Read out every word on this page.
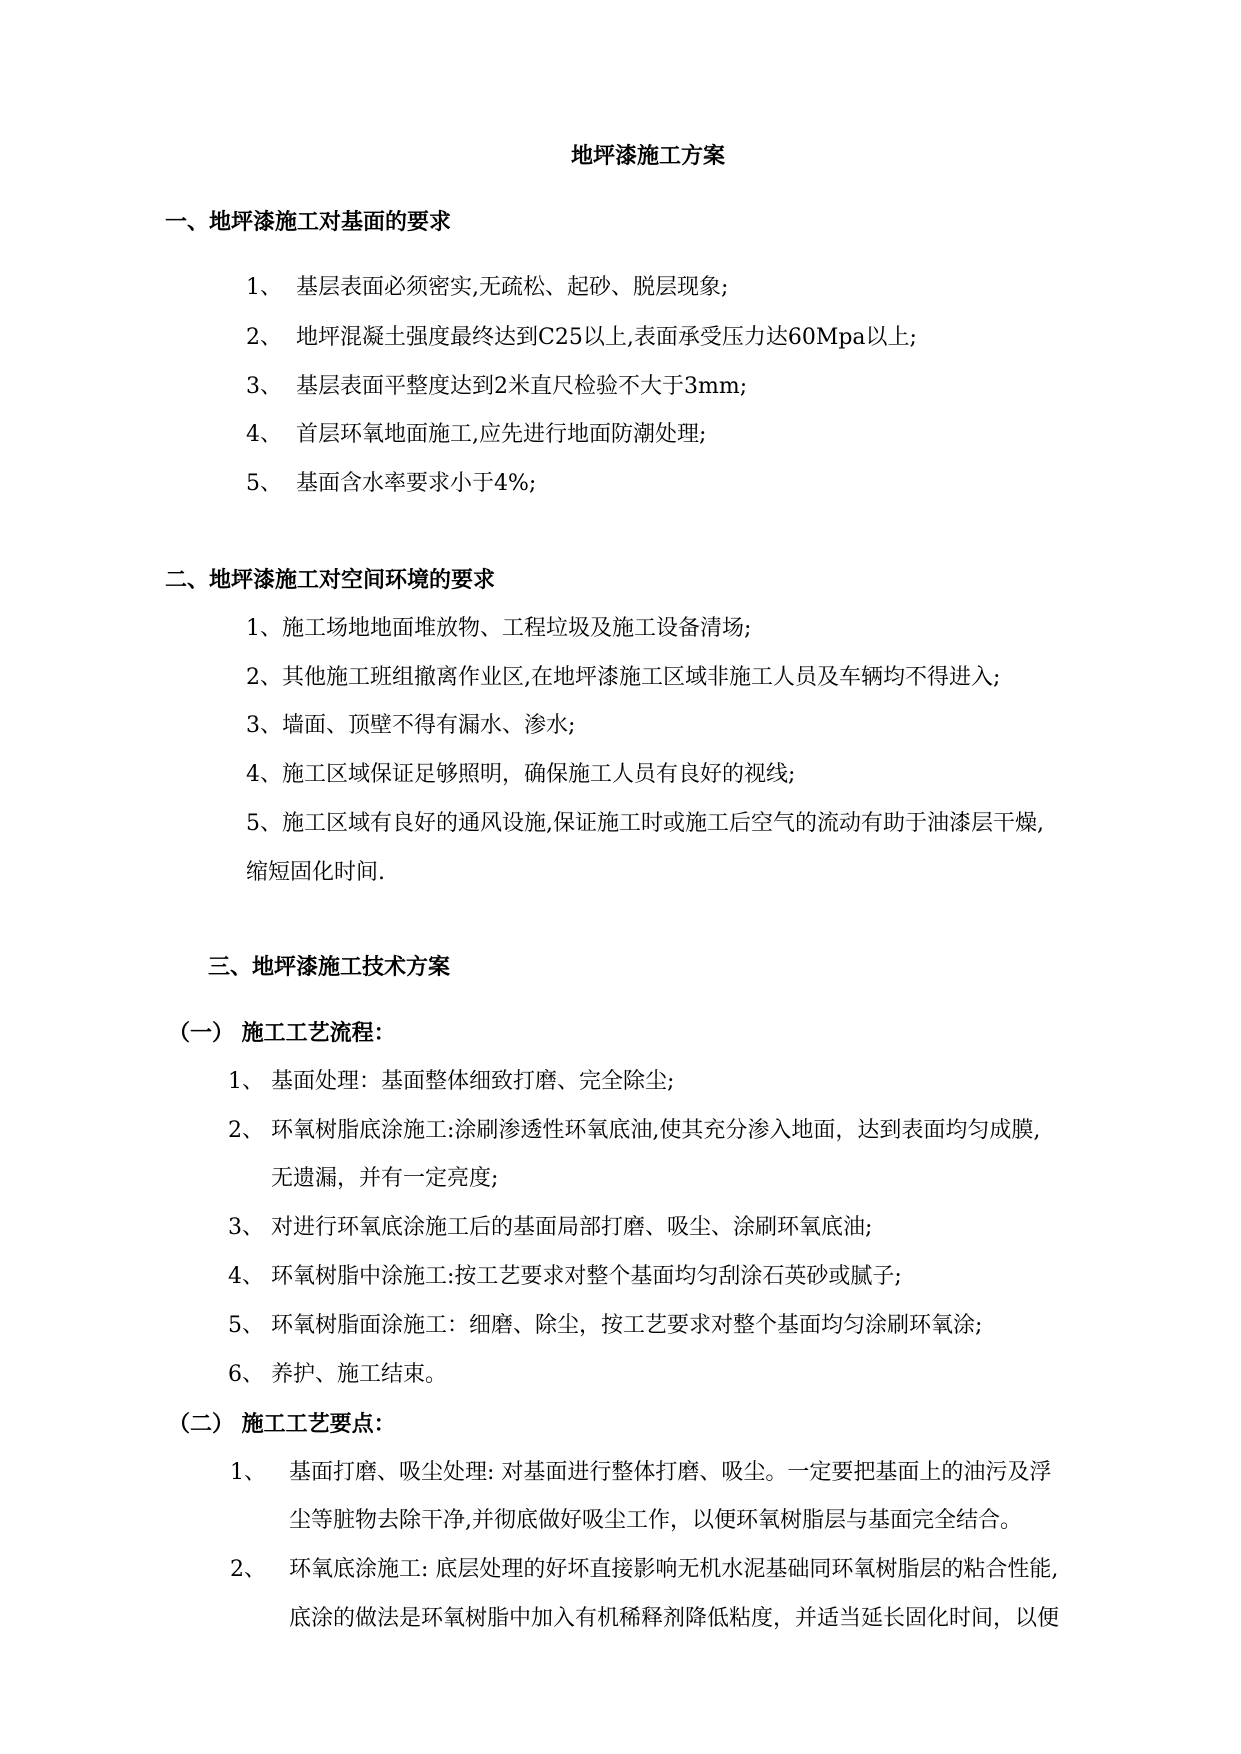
地坪漆施工方案
一、地坪漆施工对基面的要求
1、 基层表面必须密实,无疏松、起砂、脱层现象;
2、 地坪混凝土强度最终达到C25以上,表面承受压力达60Mpa以上;
3、 基层表面平整度达到2米直尺检验不大于3mm;
4、 首层环氧地面施工,应先进行地面防潮处理;
5、 基面含水率要求小于4%;
二、地坪漆施工对空间环境的要求
1、施工场地地面堆放物、工程垃圾及施工设备清场;
2、其他施工班组撤离作业区,在地坪漆施工区域非施工人员及车辆均不得进入;
3、墙面、顶壁不得有漏水、渗水;
4、施工区域保证足够照明，确保施工人员有良好的视线;
5、施工区域有良好的通风设施,保证施工时或施工后空气的流动有助于油漆层干燥,
缩短固化时间.
三、地坪漆施工技术方案
（一） 施工工艺流程：
1、 基面处理：基面整体细致打磨、完全除尘;
2、 环氧树脂底涂施工:涂刷渗透性环氧底油,使其充分渗入地面，达到表面均匀成膜,
无遗漏，并有一定亮度;
3、 对进行环氧底涂施工后的基面局部打磨、吸尘、涂刷环氧底油;
4、 环氧树脂中涂施工:按工艺要求对整个基面均匀刮涂石英砂或腻子;
5、 环氧树脂面涂施工：细磨、除尘，按工艺要求对整个基面均匀涂刷环氧涂;
6、 养护、施工结束。
（二） 施工工艺要点：
1、 基面打磨、吸尘处理: 对基面进行整体打磨、吸尘。一定要把基面上的油污及浮
尘等脏物去除干净,并彻底做好吸尘工作，以便环氧树脂层与基面完全结合。
2、 环氧底涂施工: 底层处理的好坏直接影响无机水泥基础同环氧树脂层的粘合性能,
底涂的做法是环氧树脂中加入有机稀释剂降低粘度，并适当延长固化时间，以便
